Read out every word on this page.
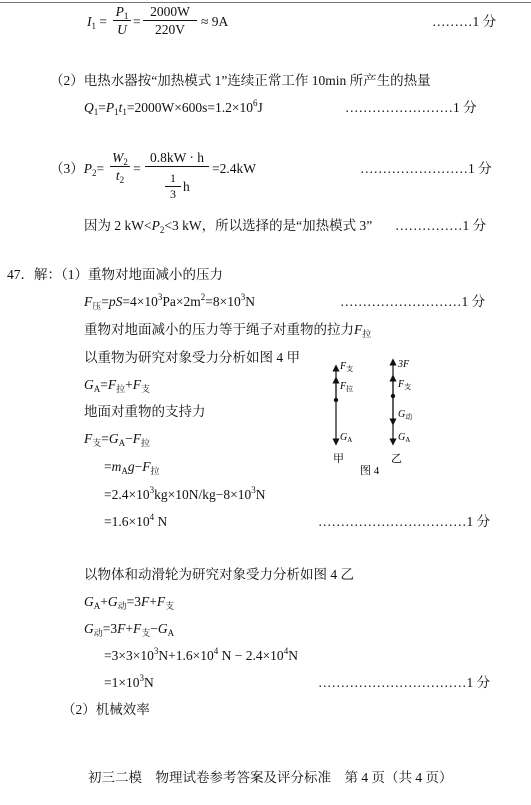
$I_1$ =
$P_1$
U
=
2000W
220V
≈ 9A	………1 分
（2）电热水器按“加热模式 1”连续正常工作 10min 所产生的热量
$Q_1=P_1t_1=2000W\times 600s=1.2\times 10^6J$	……………………1 分
$(3)P_2=$
$W_2$
$t_2$
=
0.8kW · h
1
3 h
=2.4kW	……………………1 分
因为 2 $kW<P_2<3$ kW，所以选择的是“加热模式 3” ……………1 分
47．解：（1）重物对地面减小的压力
$F_压=pS=4\times 10^3Pa\times 2m^2=8\times 10^3N$	………………………1 分
重物对地面减小的压力等于绳子对重物的拉力$F_拉$
以重物为研究对象受力分析如图 4 甲
$G_A=F_拉+F_支$
地面对重物的支持力
$F_支=G_A-F_拉$
$=m_Ag-F_拉$
$=2.4\times 10^3kg\times 10N/kg-8\times 10^3N$
$=1.6\times 10^4$ N	……………………………1 分
以物体和动滑轮为研究对象受力分析如图 4 乙
$G_A+G_动=3F+F_支$
$G_动=3F+F_支-G_A$
$=3\times 3\times 10^3N+1.6\times 10^4$ $N - 2.4\times 10^4N$
$=1\times 10^3N$	……………………………1 分
（2）机械效率
$F_支$
$F_拉$
$G_A$
甲
3F
$F_支$
$G_动$
$G_A$
乙
图 4
初三二模　物理试卷参考答案及评分标准　第 4 页（共 4 页）
